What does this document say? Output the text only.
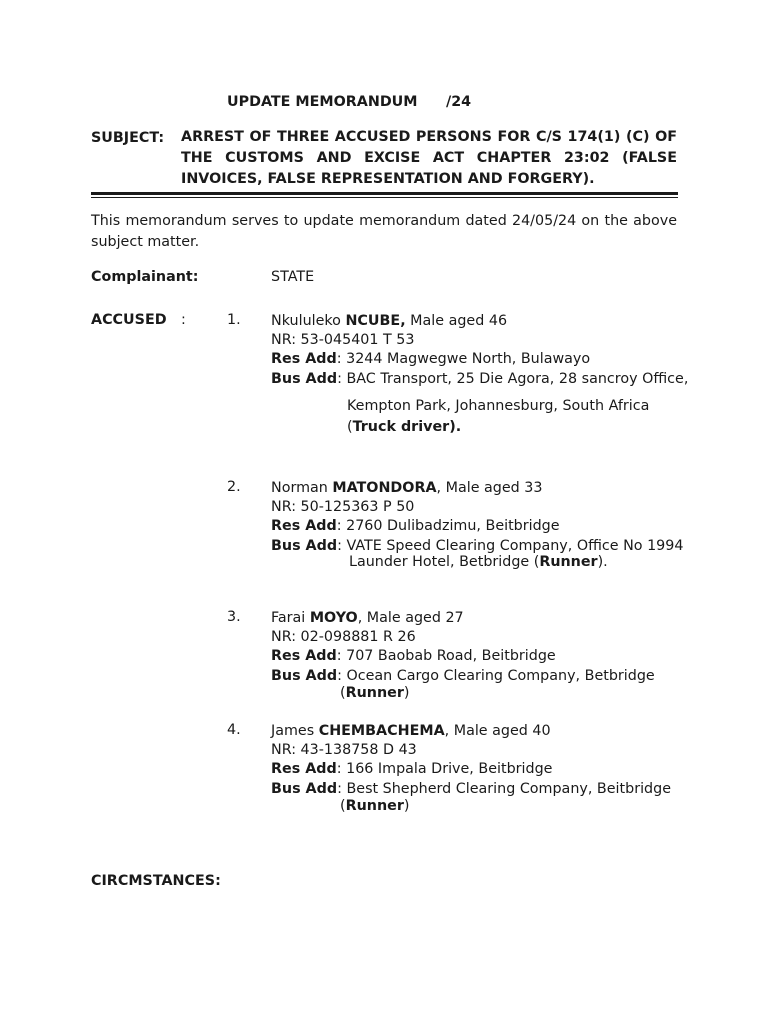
UPDATE MEMORANDUM /24
SUBJECT: ARREST OF THREE ACCUSED PERSONS FOR C/S 174(1) (C) OF
THE CUSTOMS AND EXCISE ACT CHAPTER 23:02 (FALSE
INVOICES, FALSE REPRESENTATION AND FORGERY).
This memorandum serves to update memorandum dated 24/05/24 on the above
subject matter.
Complainant:	STATE
ACCUSED :	1. Nkululeko NCUBE, Male aged 46
NR: 53-045401 T 53
Res Add: 3244 Magwegwe North, Bulawayo
Bus Add: BAC Transport, 25 Die Agora, 28 sancroy Office,
Kempton Park, Johannesburg, South Africa
(Truck driver).
2. Norman MATONDORA, Male aged 33
NR: 50-125363 P 50
Res Add: 2760 Dulibadzimu, Beitbridge
Bus Add: VATE Speed Clearing Company, Office No 1994
Launder Hotel, Betbridge (Runner).
3. Farai MOYO, Male aged 27
NR: 02-098881 R 26
Res Add: 707 Baobab Road, Beitbridge
Bus Add: Ocean Cargo Clearing Company, Betbridge
(Runner)
4. James CHEMBACHEMA, Male aged 40
NR: 43-138758 D 43
Res Add: 166 Impala Drive, Beitbridge
Bus Add: Best Shepherd Clearing Company, Beitbridge
(Runner)
CIRCMSTANCES:
